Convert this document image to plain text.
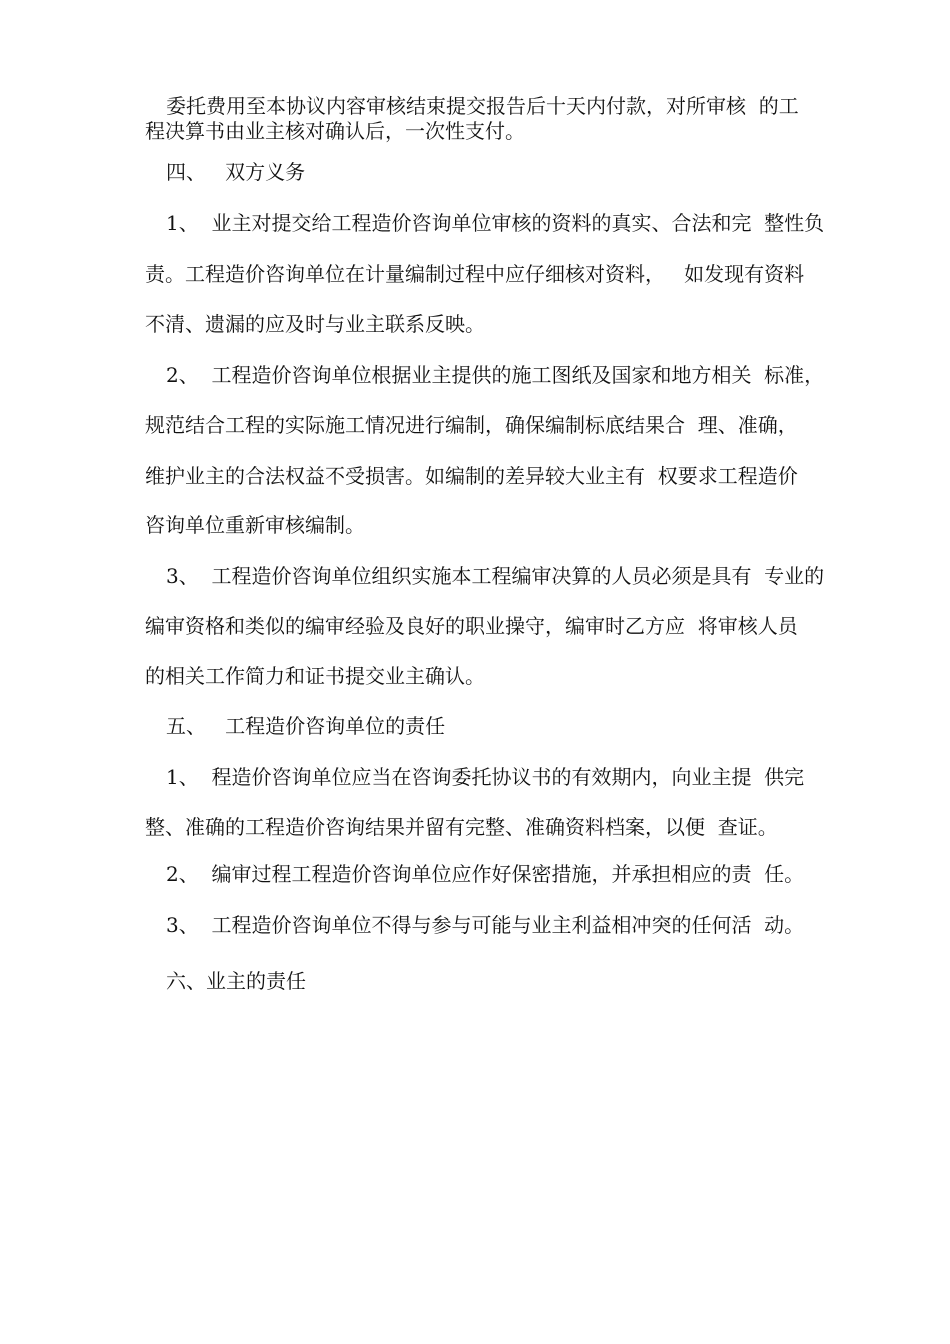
委托费用至本协议内容审核结束提交报告后十天内付款，对所审核  的工
程决算书由业主核对确认后，一次性支付。
四、   双方义务
1、  业主对提交给工程造价咨询单位审核的资料的真实、合法和完  整性负
责。工程造价咨询单位在计量编制过程中应仔细核对资料，   如发现有资料
不清、遗漏的应及时与业主联系反映。
2、  工程造价咨询单位根据业主提供的施工图纸及国家和地方相关  标准，
规范结合工程的实际施工情况进行编制，确保编制标底结果合  理、准确，
维护业主的合法权益不受损害。如编制的差异较大业主有  权要求工程造价
咨询单位重新审核编制。
3、  工程造价咨询单位组织实施本工程编审决算的人员必须是具有  专业的
编审资格和类似的编审经验及良好的职业操守，编审时乙方应  将审核人员
的相关工作简力和证书提交业主确认。
五、   工程造价咨询单位的责任
1、  程造价咨询单位应当在咨询委托协议书的有效期内，向业主提  供完
整、准确的工程造价咨询结果并留有完整、准确资料档案，以便  查证。
2、  编审过程工程造价咨询单位应作好保密措施，并承担相应的责  任。
3、  工程造价咨询单位不得与参与可能与业主利益相冲突的任何活  动。
六、业主的责任
